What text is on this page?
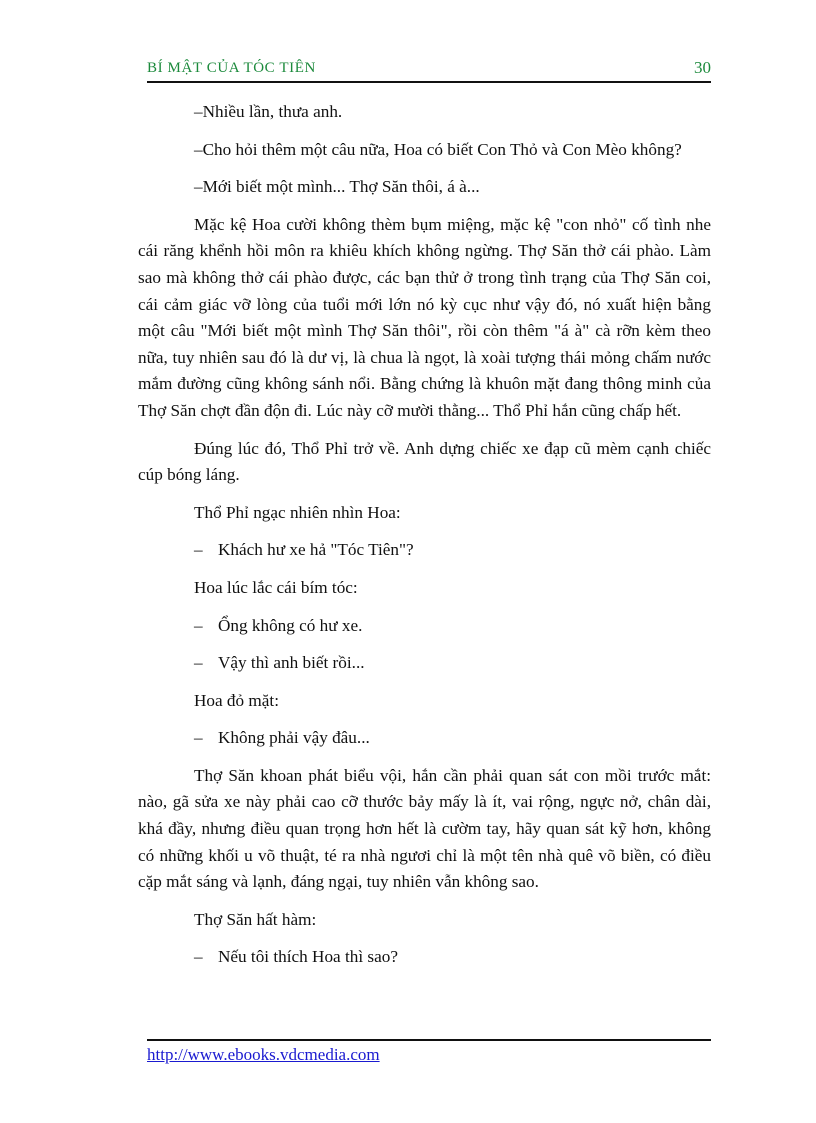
BÍ MẬT CỦA TÓC TIÊN	30

–Nhiều lần, thưa anh.

–Cho hỏi thêm một câu nữa, Hoa có biết Con Thỏ và Con Mèo không?

–Mới biết một mình... Thợ Săn thôi, á à...

Mặc kệ Hoa cười không thèm bụm miệng, mặc kệ "con nhỏ" cố tình nhe cái răng khểnh hồi môn ra khiêu khích không ngừng. Thợ Săn thở cái phào. Làm sao mà không thở cái phào được, các bạn thử ở trong tình trạng của Thợ Săn coi, cái cảm giác vỡ lòng của tuổi mới lớn nó kỳ cục như vậy đó, nó xuất hiện bằng một câu "Mới biết một mình Thợ Săn thôi", rồi còn thêm "á à" cà rỡn kèm theo nữa, tuy nhiên sau đó là dư vị, là chua là ngọt, là xoài tượng thái mỏng chấm nước mắm đường cũng không sánh nổi. Bằng chứng là khuôn mặt đang thông minh của Thợ Săn chợt đần độn đi. Lúc này cỡ mười thằng... Thổ Phỉ hắn cũng chấp hết.

Đúng lúc đó, Thổ Phỉ trở về. Anh dựng chiếc xe đạp cũ mèm cạnh chiếc cúp bóng láng.

Thổ Phỉ ngạc nhiên nhìn Hoa:

– Khách hư xe hả "Tóc Tiên"?

Hoa lúc lắc cái bím tóc:

– Ổng không có hư xe.

– Vậy thì anh biết rồi...

Hoa đỏ mặt:

– Không phải vậy đâu...

Thợ Săn khoan phát biểu vội, hắn cần phải quan sát con mồi trước mắt: nào, gã sửa xe này phải cao cỡ thước bảy mấy là ít, vai rộng, ngực nở, chân dài, khá đầy, nhưng điều quan trọng hơn hết là cườm tay, hãy quan sát kỹ hơn, không có những khối u võ thuật, té ra nhà ngươi chỉ là một tên nhà quê võ biền, có điều cặp mắt sáng và lạnh, đáng ngại, tuy nhiên vẫn không sao.

Thợ Săn hất hàm:

– Nếu tôi thích Hoa thì sao?

http://www.ebooks.vdcmedia.com
